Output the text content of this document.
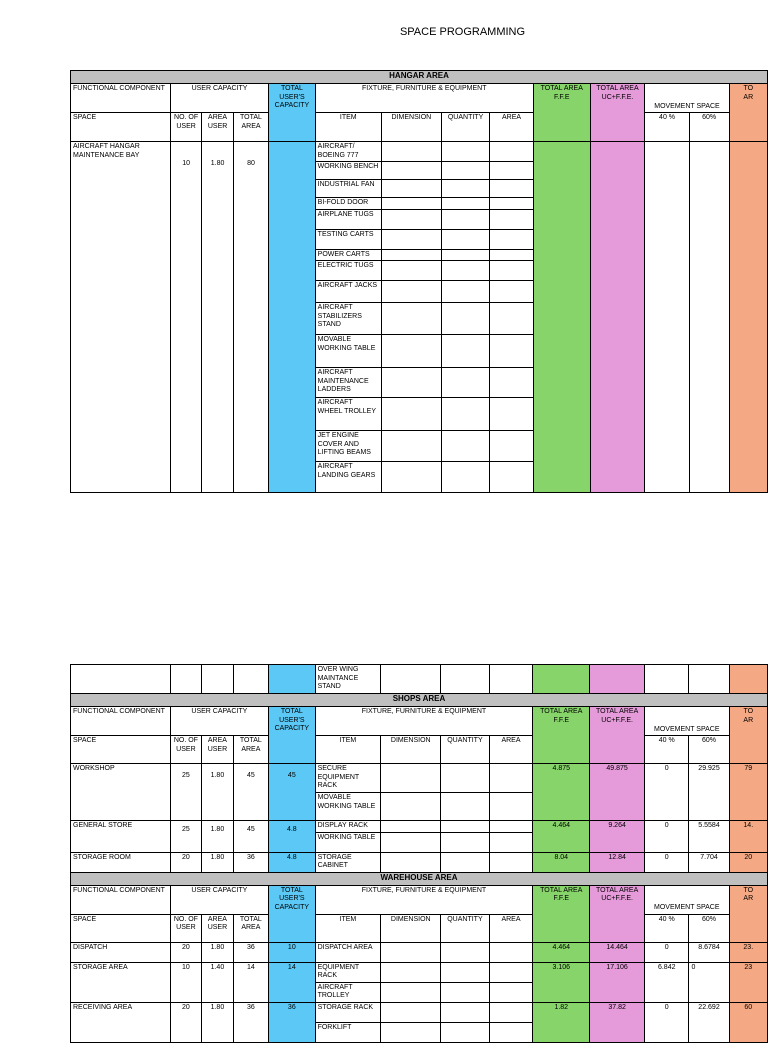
SPACE PROGRAMMING
HANGAR AREA													
FUNCTIONAL COMPONENT	USER CAPACITY			TOTAL USER'S CAPACITY	FIXTURE, FURNITURE & EQUIPMENT				TOTAL AREA F.F.E	TOTAL AREA UC+F.F.E.	MOVEMENT SPACE		TO
AR
SPACE	NO. OF USER	AREA USER	TOTAL AREA		ITEM	DIMENSION	QUANTITY	AREA			40 %	60%	
AIRCRAFT HANGAR MAINTENANCE BAY	10	1.80	80		AIRCRAFT/ BOEING 777								
					WORKING BENCH								
					INDUSTRIAL FAN								
					BI-FOLD DOOR								
					AIRPLANE TUGS								
					TESTING CARTS								
					POWER CARTS								
					ELECTRIC TUGS								
					AIRCRAFT JACKS								
					AIRCRAFT STABILIZERS STAND								
					MOVABLE WORKING TABLE								
					AIRCRAFT MAINTENANCE LADDERS								
					AIRCRAFT WHEEL TROLLEY								
					JET ENGINE COVER AND LIFTING BEAMS								
					AIRCRAFT LANDING GEARS								
					OVER WING MAINTANCE STAND								
SHOPS AREA													
FUNCTIONAL COMPONENT	USER CAPACITY			TOTAL USER'S CAPACITY	FIXTURE, FURNITURE & EQUIPMENT				TOTAL AREA F.F.E	TOTAL AREA UC+F.F.E.	MOVEMENT SPACE		TO
AR
SPACE	NO. OF USER	AREA USER	TOTAL AREA		ITEM	DIMENSION	QUANTITY	AREA			40 %	60%	
WORKSHOP	25	1.80	45	45	SECURE EQUIPMENT RACK				4.875	49.875	0	29.925	79
					MOVABLE WORKING TABLE								
GENERAL STORE	25	1.80	45	4.8	DISPLAY RACK				4.464	9.264	0	5.5584	14.
					WORKING TABLE								
STORAGE ROOM	20	1.80	36	4.8	STORAGE CABINET				8.04	12.84	0	7.704	20
WAREHOUSE AREA													
FUNCTIONAL COMPONENT	USER CAPACITY			TOTAL USER'S CAPACITY	FIXTURE, FURNITURE & EQUIPMENT				TOTAL AREA F.F.E	TOTAL AREA UC+F.F.E.	MOVEMENT SPACE		TO
AR
SPACE	NO. OF USER	AREA USER	TOTAL AREA		ITEM	DIMENSION	QUANTITY	AREA			40 %	60%	
DISPATCH	20	1.80	36	10	DISPATCH AREA				4.464	14.464	0	8.6784	23.
STORAGE AREA	10	1.40	14	14	EQUIPMENT RACK				3.106	17.106	6.842	0	23
					AIRCRAFT TROLLEY								
RECEIVING AREA	20	1.80	36	36	STORAGE RACK				1.82	37.82	0	22.692	60
					FORKLIFT								
